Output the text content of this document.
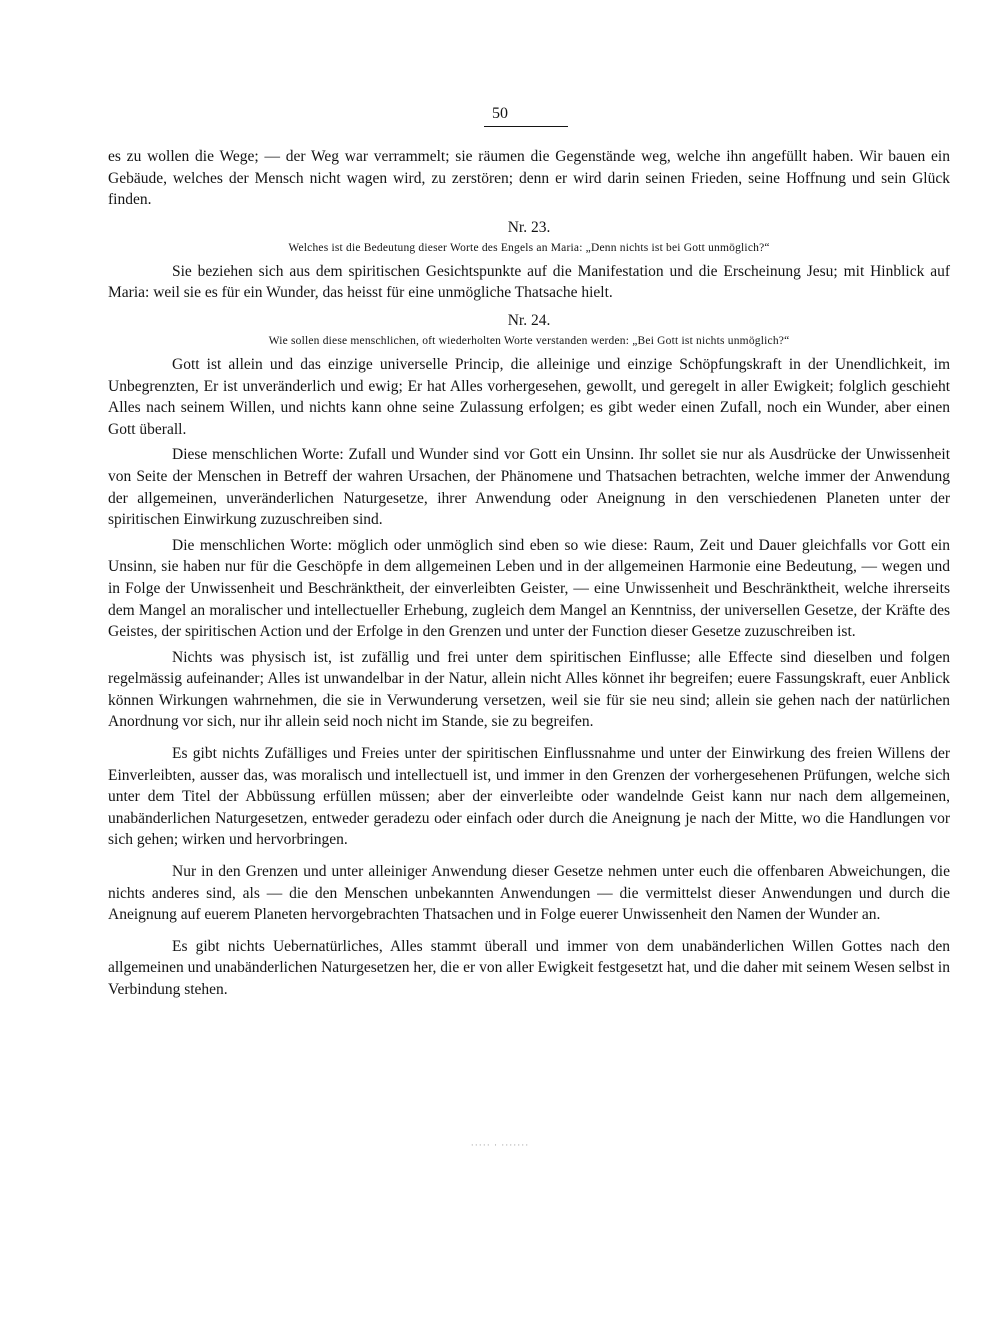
50

es zu wollen die Wege; — der Weg war verrammelt; sie räumen die Gegenstände weg, welche ihn angefüllt haben. Wir bauen ein Gebäude, welches der Mensch nicht wagen wird, zu zerstören; denn er wird darin seinen Frieden, seine Hoffnung und sein Glück finden.

Nr. 23.
Welches ist die Bedeutung dieser Worte des Engels an Maria: „Denn nichts ist bei Gott unmöglich?“

Sie beziehen sich aus dem spiritischen Gesichtspunkte auf die Manifestation und die Erscheinung Jesu; mit Hinblick auf Maria: weil sie es für ein Wunder, das heisst für eine unmögliche Thatsache hielt.

Nr. 24.
Wie sollen diese menschlichen, oft wiederholten Worte verstanden werden: „Bei Gott ist nichts unmöglich?“

Gott ist allein und das einzige universelle Princip, die alleinige und einzige Schöpfungskraft in der Unendlichkeit, im Unbegrenzten, Er ist unveränderlich und ewig; Er hat Alles vorhergesehen, gewollt, und geregelt in aller Ewigkeit; folglich geschieht Alles nach seinem Willen, und nichts kann ohne seine Zulassung erfolgen; es gibt weder einen Zufall, noch ein Wunder, aber einen Gott überall.

Diese menschlichen Worte: Zufall und Wunder sind vor Gott ein Unsinn. Ihr sollet sie nur als Ausdrücke der Unwissenheit von Seite der Menschen in Betreff der wahren Ursachen, der Phänomene und Thatsachen betrachten, welche immer der Anwendung der allgemeinen, unveränderlichen Naturgesetze, ihrer Anwendung oder Aneignung in den verschiedenen Planeten unter der spiritischen Einwirkung zuzuschreiben sind.

Die menschlichen Worte: möglich oder unmöglich sind eben so wie diese: Raum, Zeit und Dauer gleichfalls vor Gott ein Unsinn, sie haben nur für die Geschöpfe in dem allgemeinen Leben und in der allgemeinen Harmonie eine Bedeutung, — wegen und in Folge der Unwissenheit und Beschränktheit, der einverleibten Geister, — eine Unwissenheit und Beschränktheit, welche ihrerseits dem Mangel an moralischer und intellectueller Erhebung, zugleich dem Mangel an Kenntniss, der universellen Gesetze, der Kräfte des Geistes, der spiritischen Action und der Erfolge in den Grenzen und unter der Function dieser Gesetze zuzuschreiben ist.

Nichts was physisch ist, ist zufällig und frei unter dem spiritischen Einflusse; alle Effecte sind dieselben und folgen regelmässig aufeinander; Alles ist unwandelbar in der Natur, allein nicht Alles könnet ihr begreifen; euere Fassungskraft, euer Anblick können Wirkungen wahrnehmen, die sie in Verwunderung versetzen, weil sie für sie neu sind; allein sie gehen nach der natürlichen Anordnung vor sich, nur ihr allein seid noch nicht im Stande, sie zu begreifen.

Es gibt nichts Zufälliges und Freies unter der spiritischen Einflussnahme und unter der Einwirkung des freien Willens der Einverleibten, ausser das, was moralisch und intellectuell ist, und immer in den Grenzen der vorhergesehenen Prüfungen, welche sich unter dem Titel der Abbüssung erfüllen müssen; aber der einverleibte oder wandelnde Geist kann nur nach dem allgemeinen, unabänderlichen Naturgesetzen, entweder geradezu oder einfach oder durch die Aneignung je nach der Mitte, wo die Handlungen vor sich gehen; wirken und hervorbringen.

Nur in den Grenzen und unter alleiniger Anwendung dieser Gesetze nehmen unter euch die offenbaren Abweichungen, die nichts anderes sind, als — die den Menschen unbekannten Anwendungen — die vermittelst dieser Anwendungen und durch die Aneignung auf euerem Planeten hervorgebrachten Thatsachen und in Folge euerer Unwissenheit den Namen der Wunder an.

Es gibt nichts Uebernatürliches, Alles stammt überall und immer von dem unabänderlichen Willen Gottes nach den allgemeinen und unabänderlichen Naturgesetzen her, die er von aller Ewigkeit festgesetzt hat, und die daher mit seinem Wesen selbst in Verbindung stehen.

····· · ·······
